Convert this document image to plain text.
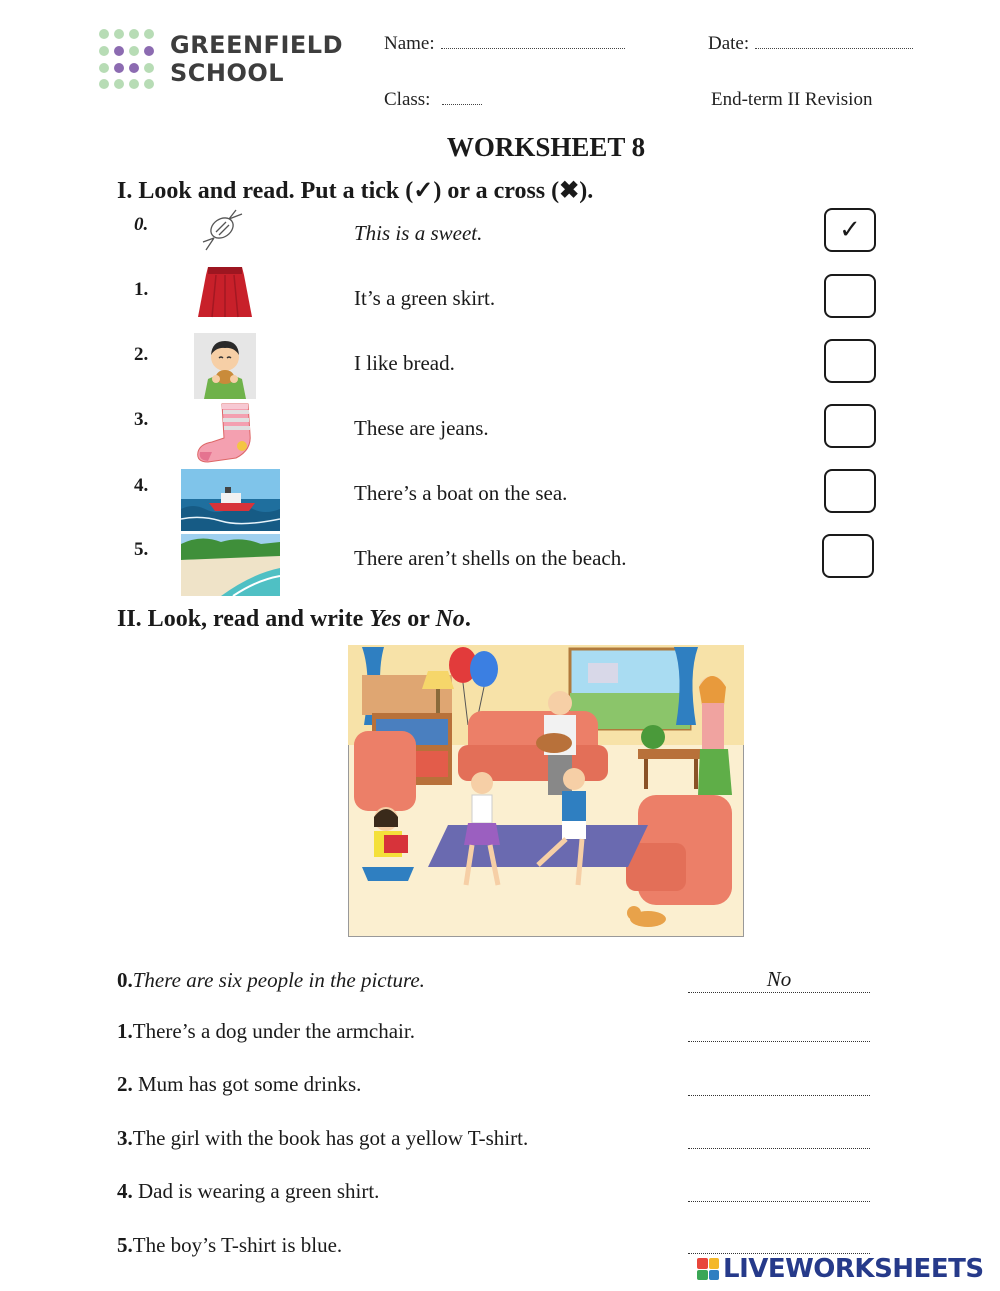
GREENFIELD
SCHOOL
Name:	Date:
Class:	End-term II Revision
WORKSHEET 8
I. Look and read. Put a tick (✓) or a cross (✖).
0.	This is a sweet.	✓
1.	It’s a green skirt.
2.	I like bread.
3.	These are jeans.
4.	There’s a boat on the sea.
5.	There aren’t shells on the beach.
II. Look, read and write Yes or No.
0.There are six people in the picture.	No
1.There’s a dog under the armchair.
2. Mum has got some drinks.
3.The girl with the book has got a yellow T-shirt.
4. Dad is wearing a green shirt.
5.The boy’s T-shirt is blue.
LIVEWORKSHEETS
